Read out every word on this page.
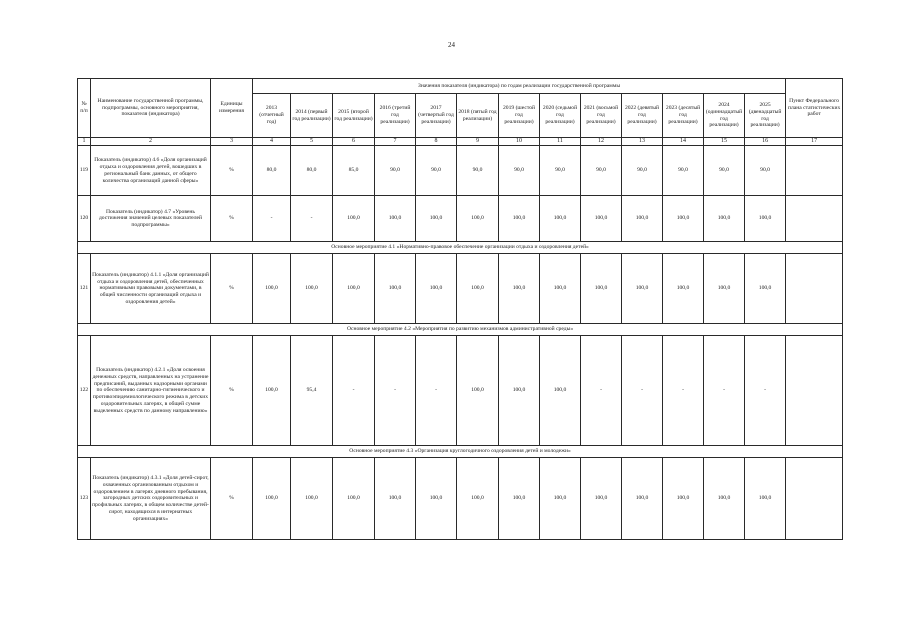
24
№ п/п	Наименование государственной программы, подпрограммы, основного мероприятия, показателя (индикатора)	Единицы измерения	Значения показателя (индикатора) по годам реализации государственной программы													Пункт Федерального плана статистических работ
			2013 (отчетный год)	2014 (первый год реализации)	2015 (второй год реализации)	2016 (третий год реализации)	2017 (четвертый год реализации)	2018 (пятый год реализации)	2019 (шестой год реализации)	2020 (седьмой год реализации)	2021 (восьмой год реализации)	2022 (девятый год реализации)	2023 (десятый год реализации)	2024 (одиннадцатый год реализации)	2025 (двенадцатый год реализации)	
1	2	3	4	5	6	7	8	9	10	11	12	13	14	15	16	17
119	Показатель (индикатор) 4.6 «Доля организаций отдыха и оздоровления детей, вошедших в региональный банк данных, от общего количества организаций данной сферы»	%	80,0	80,0	85,0	90,0	90,0	90,0	90,0	90,0	90,0	90,0	90,0	90,0	90,0	
120	Показатель (индикатор) 4.7 «Уровень достижения значений целевых показателей подпрограммы»	%	-	-	100,0	100,0	100,0	100,0	100,0	100,0	100,0	100,0	100,0	100,0	100,0	
Основное мероприятие 4.1 «Нормативно-правовое обеспечение организации отдыха и оздоровления детей»																
121	Показатель (индикатор) 4.1.1 «Доля организаций отдыха и оздоровления детей, обеспеченных нормативными правовыми документами, в общей численности организаций отдыха и оздоровления детей»	%	100,0	100,0	100,0	100,0	100,0	100,0	100,0	100,0	100,0	100,0	100,0	100,0	100,0	
Основное мероприятие 4.2 «Мероприятия по развитию механизмов административной среды»																
122	Показатель (индикатор) 4.2.1 «Доля освоения денежных средств, направленных на устранение предписаний, выданных надзорными органами по обеспечению санитарно-гигиенического и противоэпидемиологического режима в детских оздоровительных лагерях, в общей сумме выделенных средств по данному направлению»	%	100,0	95,4	-	-	-	100,0	100,0	100,0	-	-	-	-	-	
Основное мероприятие 4.3 «Организация круглогодичного оздоровления детей и молодежи»																
123	Показатель (индикатор) 4.3.1 «Доля детей-сирот, охваченных организованным отдыхом и оздоровлением в лагерях дневного пребывания, загородных детских оздоровительных и профильных лагерях, в общем количестве детей-сирот, находящихся в интернатных организациях»	%	100,0	100,0	100,0	100,0	100,0	100,0	100,0	100,0	100,0	100,0	100,0	100,0	100,0	
